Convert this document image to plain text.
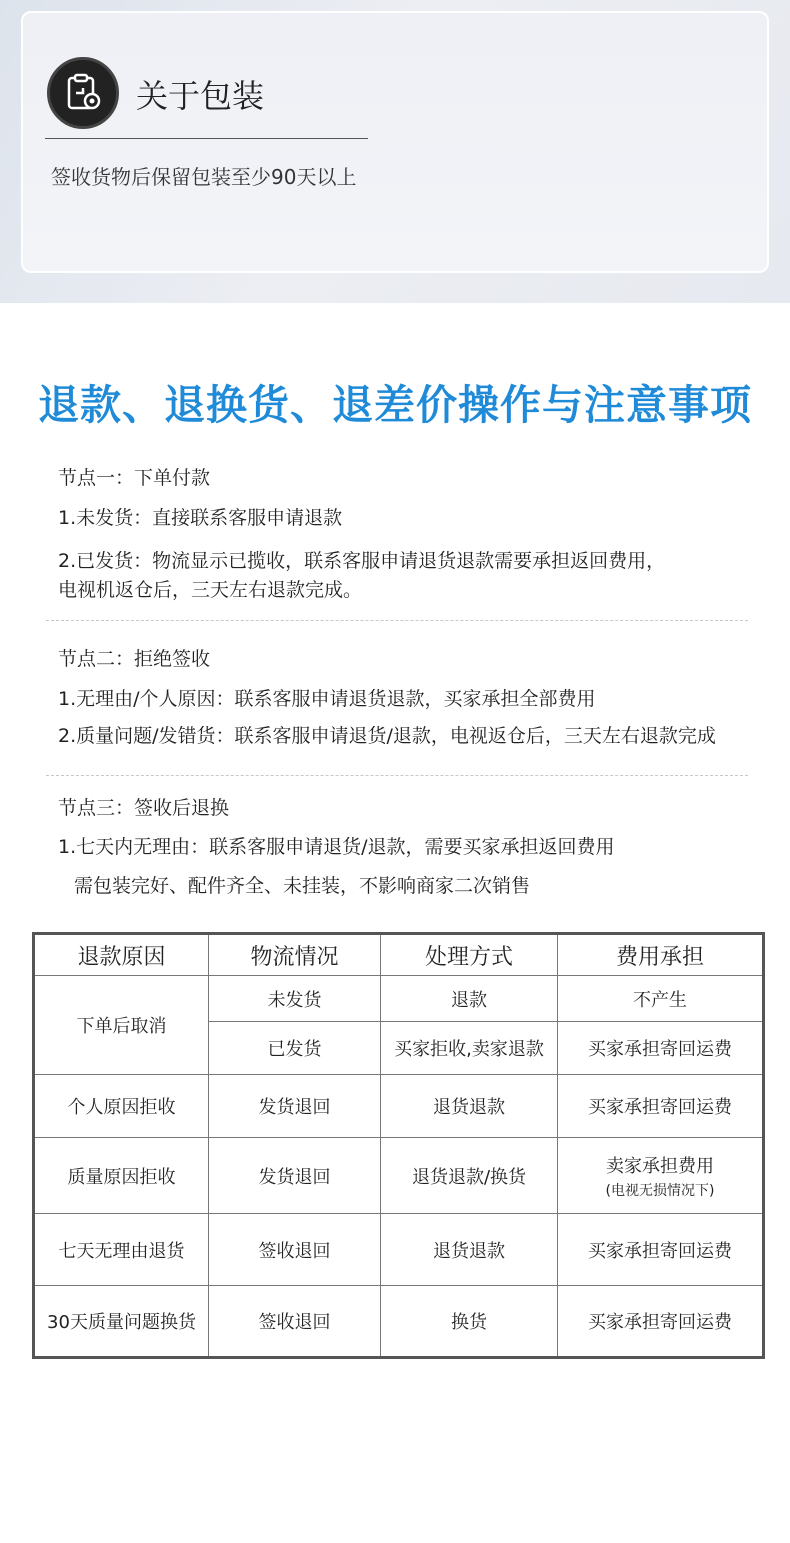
关于包装
签收货物后保留包装至少90天以上
退款、退换货、退差价操作与注意事项
节点一：下单付款
1.未发货：直接联系客服申请退款
2.已发货：物流显示已揽收，联系客服申请退货退款需要承担返回费用，
电视机返仓后，三天左右退款完成。
节点二：拒绝签收
1.无理由/个人原因：联系客服申请退货退款，买家承担全部费用
2.质量问题/发错货：联系客服申请退货/退款，电视返仓后，三天左右退款完成
节点三：签收后退换
1.七天内无理由：联系客服申请退货/退款，需要买家承担返回费用
需包装完好、配件齐全、未挂装，不影响商家二次销售
退款原因	物流情况	处理方式	费用承担
下单后取消	未发货	退款	不产生
	已发货	买家拒收,卖家退款	买家承担寄回运费
个人原因拒收	发货退回	退货退款	买家承担寄回运费
质量原因拒收	发货退回	退货退款/换货	卖家承担费用
(电视无损情况下)

七天无理由退货	签收退回	退货退款	买家承担寄回运费
30天质量问题换货	签收退回	换货	买家承担寄回运费
